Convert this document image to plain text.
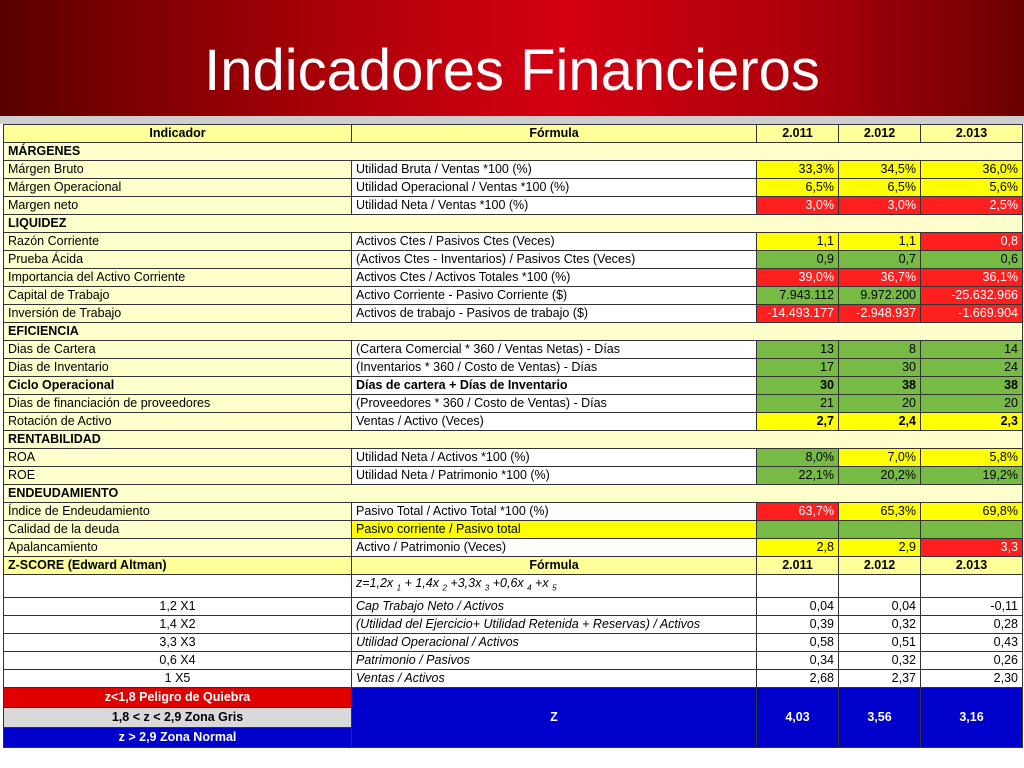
Indicadores Financieros
Indicador	Fórmula	2.011	2.012	2.013
MÁRGENES				
Márgen Bruto	Utilidad Bruta / Ventas *100 (%)	33,3%	34,5%	36,0%
Márgen Operacional	Utilidad Operacional / Ventas *100 (%)	6,5%	6,5%	5,6%
Margen neto	Utilidad Neta / Ventas *100 (%)	3,0%	3,0%	2,5%
LIQUIDEZ				
Razón Corriente	Activos Ctes / Pasivos Ctes (Veces)	1,1	1,1	0,8
Prueba Ácida	(Activos Ctes - Inventarios) / Pasivos Ctes (Veces)	0,9	0,7	0,6
Importancia del Activo Corriente	Activos Ctes / Activos Totales *100 (%)	39,0%	36,7%	36,1%
Capital de Trabajo	Activo Corriente - Pasivo Corriente ($)	7.943.112	9.972.200	-25.632.966
Inversión de Trabajo	Activos de trabajo - Pasivos de trabajo ($)	-14.493.177	-2.948.937	-1.669.904
EFICIENCIA				
Dias de Cartera	(Cartera Comercial * 360 / Ventas Netas) - Días	13	8	14
Dias de Inventario	(Inventarios * 360 / Costo de Ventas) - Días	17	30	24
Ciclo Operacional	Días de cartera + Días de Inventario	30	38	38
Dias de financiación de proveedores	(Proveedores * 360 / Costo de Ventas) - Días	21	20	20
Rotación de Activo	Ventas / Activo (Veces)	2,7	2,4	2,3
RENTABILIDAD				
ROA	Utilidad Neta / Activos *100 (%)	8,0%	7,0%	5,8%
ROE	Utilidad Neta / Patrimonio *100 (%)	22,1%	20,2%	19,2%
ENDEUDAMIENTO				
Índice de Endeudamiento	Pasivo Total / Activo Total *100 (%)	63,7%	65,3%	69,8%
Calidad de la deuda	Pasivo corriente / Pasivo total			
Apalancamiento	Activo / Patrimonio (Veces)	2,8	2,9	3,3
Z-SCORE (Edward Altman)	Fórmula	2.011	2.012	2.013
	z=1,2x $_1$ + 1,4x $_2$ +3,3x $_3$ +0,6x $_4$ +x $_5$			
1,2 X1	Cap Trabajo Neto / Activos	0,04	0,04	-0,11
1,4 X2	(Utilidad del Ejercicio+ Utilidad Retenida + Reservas) / Activos	0,39	0,32	0,28
3,3 X3	Utilidad Operacional / Activos	0,58	0,51	0,43
0,6 X4	Patrimonio / Pasivos	0,34	0,32	0,26
1 X5	Ventas / Activos	2,68	2,37	2,30
z<1,8 Peligro de Quiebra	Z	4,03	3,56	3,16
1,8 < z < 2,9 Zona Gris				
z > 2,9 Zona Normal				
